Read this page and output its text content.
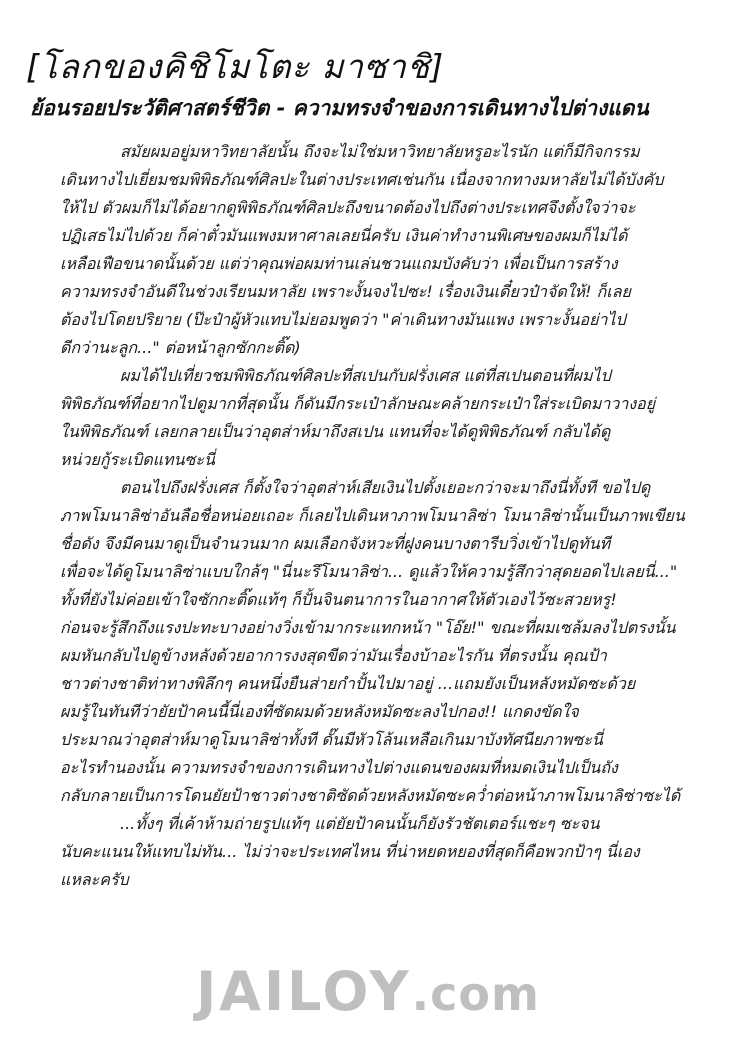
[โลกของคิชิโมโตะ มาซาชิ]
ย้อนรอยประวัติศาสตร์ชีวิต - ความทรงจำของการเดินทางไปต่างแดน
สมัยผมอยู่มหาวิทยาลัยนั้น ถึงจะไม่ใช่มหาวิทยาลัยหรูอะไรนัก แต่ก็มีกิจกรรม
เดินทางไปเยี่ยมชมพิพิธภัณฑ์ศิลปะในต่างประเทศเช่นกัน เนื่องจากทางมหาลัยไม่ได้บังคับ
ให้ไป ตัวผมก็ไม่ได้อยากดูพิพิธภัณฑ์ศิลปะถึงขนาดต้องไปถึงต่างประเทศจึงตั้งใจว่าจะ
ปฏิเสธไม่ไปด้วย ก็ค่าตั๋วมันแพงมหาศาลเลยนี่ครับ เงินค่าทำงานพิเศษของผมก็ไม่ได้
เหลือเฟือขนาดนั้นด้วย แต่ว่าคุณพ่อผมท่านเล่นชวนแถมบังคับว่า เพื่อเป็นการสร้าง
ความทรงจำอันดีในช่วงเรียนมหาลัย เพราะงั้นจงไปซะ! เรื่องเงินเดี๋ยวป๋าจัดให้! ก็เลย
ต้องไปโดยปริยาย (ป๊ะป๋าผู้หัวแทบไม่ยอมพูดว่า "ค่าเดินทางมันแพง เพราะงั้นอย่าไป
ดีกว่านะลูก..." ต่อหน้าลูกซักกะติ๊ด)
ผมได้ไปเที่ยวชมพิพิธภัณฑ์ศิลปะที่สเปนกับฝรั่งเศส แต่ที่สเปนตอนที่ผมไป
พิพิธภัณฑ์ที่อยากไปดูมากที่สุดนั้น ก็ดันมีกระเป๋าลักษณะคล้ายกระเป๋าใส่ระเบิดมาวางอยู่
ในพิพิธภัณฑ์ เลยกลายเป็นว่าอุตส่าห์มาถึงสเปน แทนที่จะได้ดูพิพิธภัณฑ์ กลับได้ดู
หน่วยกู้ระเบิดแทนซะนี่
ตอนไปถึงฝรั่งเศส ก็ตั้งใจว่าอุตส่าห์เสียเงินไปตั้งเยอะกว่าจะมาถึงนี่ทั้งที ขอไปดู
ภาพโมนาลิซ่าอันลือชื่อหน่อยเถอะ ก็เลยไปเดินหาภาพโมนาลิซ่า โมนาลิซ่านั้นเป็นภาพเขียน
ชื่อดัง จึงมีคนมาดูเป็นจำนวนมาก ผมเลือกจังหวะที่ฝูงคนบางตารีบวิ่งเข้าไปดูทันที
เพื่อจะได้ดูโมนาลิซ่าแบบใกล้ๆ "นี่นะรึโมนาลิซ่า... ดูแล้วให้ความรู้สึกว่าสุดยอดไปเลยนี่..."
ทั้งที่ยังไม่ค่อยเข้าใจซักกะติ๊ดแท้ๆ ก็ปั้นจินตนาการในอากาศให้ตัวเองไว้ซะสวยหรู!
ก่อนจะรู้สึกถึงแรงปะทะบางอย่างวิ่งเข้ามากระแทกหน้า "โอ๊ย!" ขณะที่ผมเซล้มลงไปตรงนั้น
ผมหันกลับไปดูข้างหลังด้วยอาการงงสุดขีดว่ามันเรื่องบ้าอะไรกัน ที่ตรงนั้น คุณป้า
ชาวต่างชาติท่าทางพิลึกๆ คนหนึ่งยืนส่ายกำปั้นไปมาอยู่ ...แถมยังเป็นหลังหมัดซะด้วย
ผมรู้ในทันทีว่ายัยป้าคนนี้นี่เองที่ซัดผมด้วยหลังหมัดซะลงไปกอง!! แกดงขัดใจ
ประมาณว่าอุตส่าห์มาดูโมนาลิซ่าทั้งที ดั๊นมีหัวโล้นเหลือเกินมาบังทัศนียภาพซะนี่
อะไรทำนองนั้น ความทรงจำของการเดินทางไปต่างแดนของผมที่หมดเงินไปเป็นถัง
กลับกลายเป็นการโดนยัยป้าชาวต่างชาติซัดด้วยหลังหมัดซะคว่ำต่อหน้าภาพโมนาลิซ่าซะได้
...ทั้งๆ ที่เค้าห้ามถ่ายรูปแท้ๆ แต่ยัยป้าคนนั้นก็ยังรัวชัตเตอร์แชะๆ ซะจน
นับคะแนนให้แทบไม่ทัน... ไม่ว่าจะประเทศไหน ที่น่าหยดหยองที่สุดก็คือพวกป้าๆ นี่เอง
แหละครับ
JAILOY.com
